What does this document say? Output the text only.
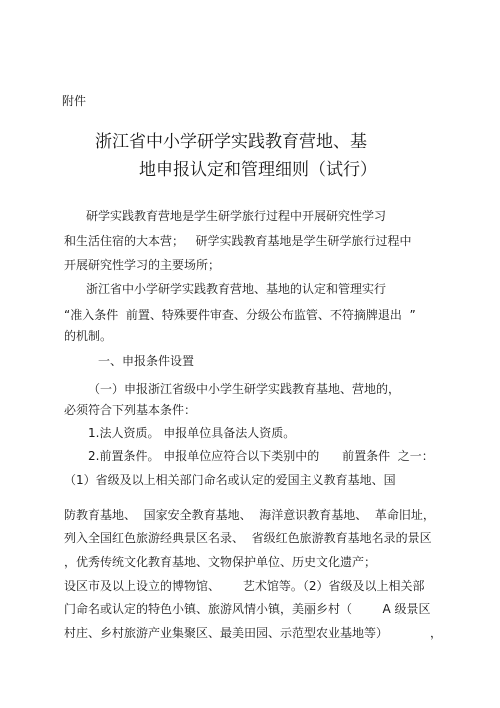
附件
浙江省中小学研学实践教育营地、基
地申报认定和管理细则（试行）
研学实践教育营地是学生研学旅行过程中开展研究性学习
和生活住宿的大本营；   研学实践教育基地是学生研学旅行过程中
开展研究性学习的主要场所；
浙江省中小学研学实践教育营地、基地的认定和管理实行
“准入条件  前置、特殊要件审查、分级公布监管、不符摘牌退出  ”
的机制。
一、申报条件设置
（一）申报浙江省级中小学生研学实践教育基地、营地的，
必须符合下列基本条件：
1.法人资质。 申报单位具备法人资质。
2.前置条件。 申报单位应符合以下类别中的      前置条件  之一：
（1）省级及以上相关部门命名或认定的爱国主义教育基地、国
防教育基地、  国家安全教育基地、  海洋意识教育基地、  革命旧址，
列入全国红色旅游经典景区名录、  省级红色旅游教育基地名录的景区
，优秀传统文化教育基地、文物保护单位、历史文化遗产；
设区市及以上设立的博物馆、      艺术馆等。（2）省级及以上相关部
门命名或认定的特色小镇、旅游风情小镇，美丽乡村（        A 级景区
村庄、乡村旅游产业集聚区、最美田园、示范型农业基地等）           ，
